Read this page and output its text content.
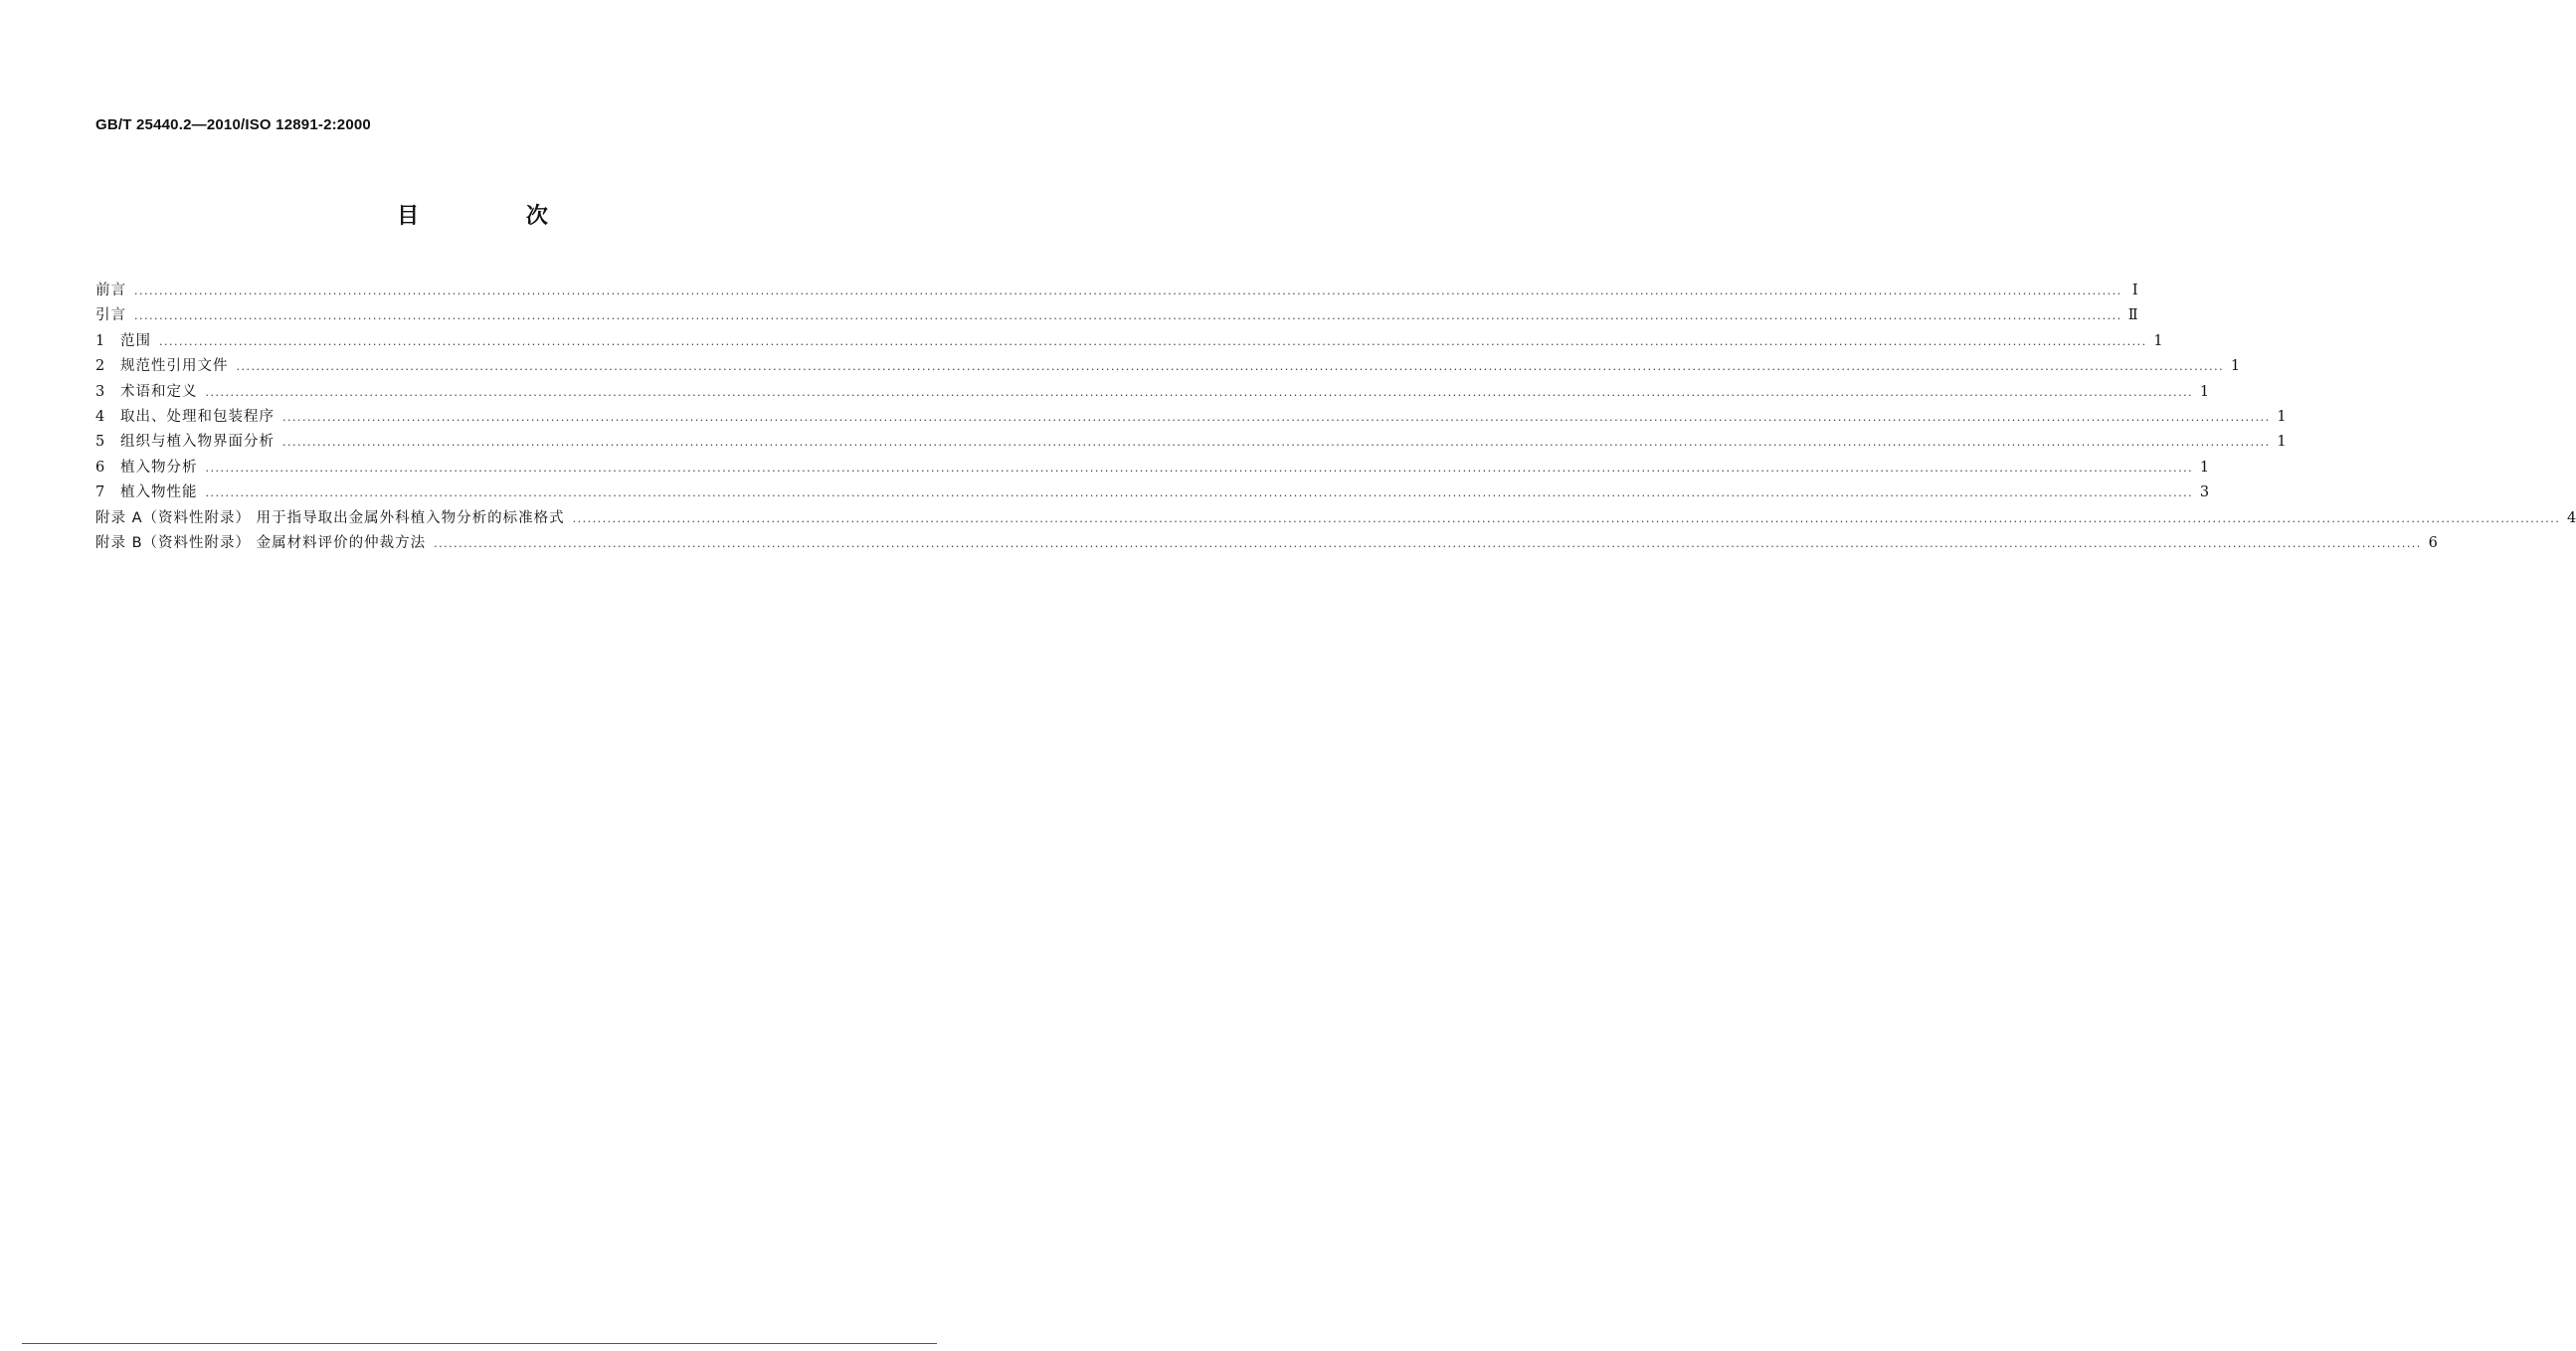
GB/T 25440.2—2010/ISO 12891-2:2000
目 次
前言 ................................................................................................................................................................................................................................................................................................................................................................................................................ Ⅰ
引言 ................................................................................................................................................................................................................................................................................................................................................................................................................ Ⅱ
1	范围 ................................................................................................................................................................................................................................................................................................................................................................................................................ 1
2	规范性引用文件 ................................................................................................................................................................................................................................................................................................................................................................................................................ 1
3	术语和定义 ................................................................................................................................................................................................................................................................................................................................................................................................................ 1
4	取出、处理和包装程序 ................................................................................................................................................................................................................................................................................................................................................................................................................ 1
5	组织与植入物界面分析 ................................................................................................................................................................................................................................................................................................................................................................................................................ 1
6	植入物分析 ................................................................................................................................................................................................................................................................................................................................................................................................................ 1
7	植入物性能 ................................................................................................................................................................................................................................................................................................................................................................................................................ 3
附录 A（资料性附录） 用于指导取出金属外科植入物分析的标准格式 ................................................................................................................................................................................................................................................................................................................................................................................................................ 4
附录 B（资料性附录） 金属材料评价的仲裁方法 ................................................................................................................................................................................................................................................................................................................................................................................................................ 6
